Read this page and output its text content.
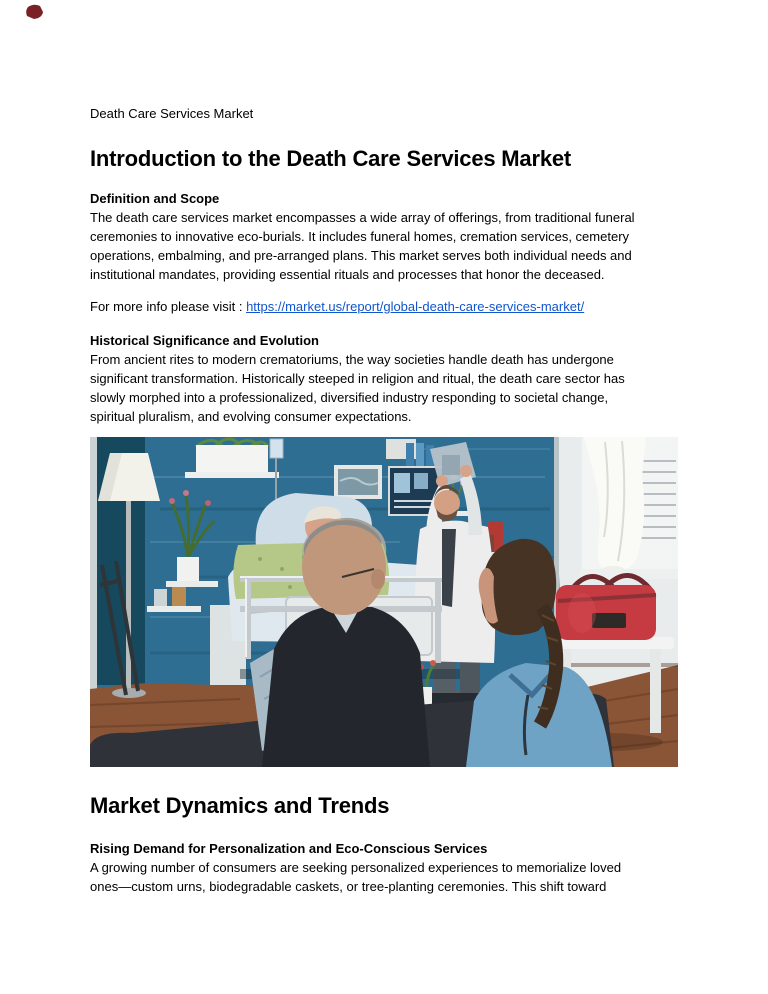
Death Care Services Market
Introduction to the Death Care Services Market
Definition and Scope
The death care services market encompasses a wide array of offerings, from traditional funeral
ceremonies to innovative eco-burials. It includes funeral homes, cremation services, cemetery
operations, embalming, and pre-arranged plans. This market serves both individual needs and
institutional mandates, providing essential rituals and processes that honor the deceased.
For more info please visit : https://market.us/report/global-death-care-services-market/
Historical Significance and Evolution
From ancient rites to modern crematoriums, the way societies handle death has undergone
significant transformation. Historically steeped in religion and ritual, the death care sector has
slowly morphed into a professionalized, diversified industry responding to societal change,
spiritual pluralism, and evolving consumer expectations.
Market Dynamics and Trends
Rising Demand for Personalization and Eco-Conscious Services
A growing number of consumers are seeking personalized experiences to memorialize loved
ones—custom urns, biodegradable caskets, or tree-planting ceremonies. This shift toward
